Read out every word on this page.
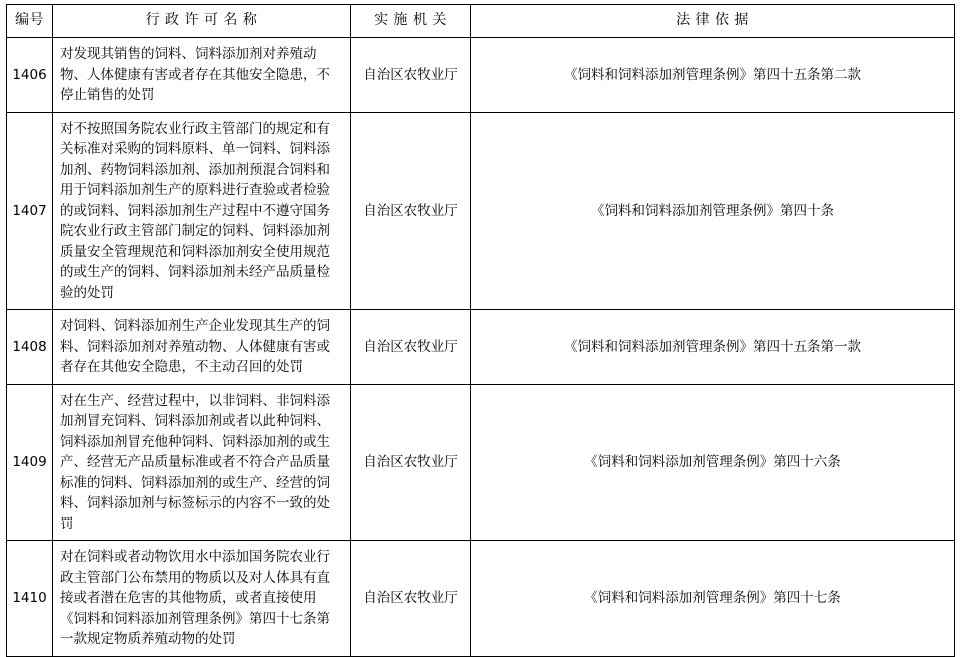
编号	行 政 许 可 名 称	实 施 机 关	法 律 依 据
1406	对发现其销售的饲料、饲料添加剂对养殖动物、人体健康有害或者存在其他安全隐患，不停止销售的处罚	自治区农牧业厅	《饲料和饲料添加剂管理条例》第四十五条第二款
1407	对不按照国务院农业行政主管部门的规定和有关标准对采购的饲料原料、单一饲料、饲料添加剂、药物饲料添加剂、添加剂预混合饲料和用于饲料添加剂生产的原料进行查验或者检验的或饲料、饲料添加剂生产过程中不遵守国务院农业行政主管部门制定的饲料、饲料添加剂质量安全管理规范和饲料添加剂安全使用规范的或生产的饲料、饲料添加剂未经产品质量检验的处罚	自治区农牧业厅	《饲料和饲料添加剂管理条例》第四十条
1408	对饲料、饲料添加剂生产企业发现其生产的饲料、饲料添加剂对养殖动物、人体健康有害或者存在其他安全隐患，不主动召回的处罚	自治区农牧业厅	《饲料和饲料添加剂管理条例》第四十五条第一款
1409	对在生产、经营过程中，以非饲料、非饲料添加剂冒充饲料、饲料添加剂或者以此种饲料、饲料添加剂冒充他种饲料、饲料添加剂的或生产、经营无产品质量标准或者不符合产品质量标准的饲料、饲料添加剂的或生产、经营的饲料、饲料添加剂与标签标示的内容不一致的处罚	自治区农牧业厅	《饲料和饲料添加剂管理条例》第四十六条
1410	对在饲料或者动物饮用水中添加国务院农业行政主管部门公布禁用的物质以及对人体具有直接或者潜在危害的其他物质，或者直接使用《饲料和饲料添加剂管理条例》第四十七条第一款规定物质养殖动物的处罚	自治区农牧业厅	《饲料和饲料添加剂管理条例》第四十七条
